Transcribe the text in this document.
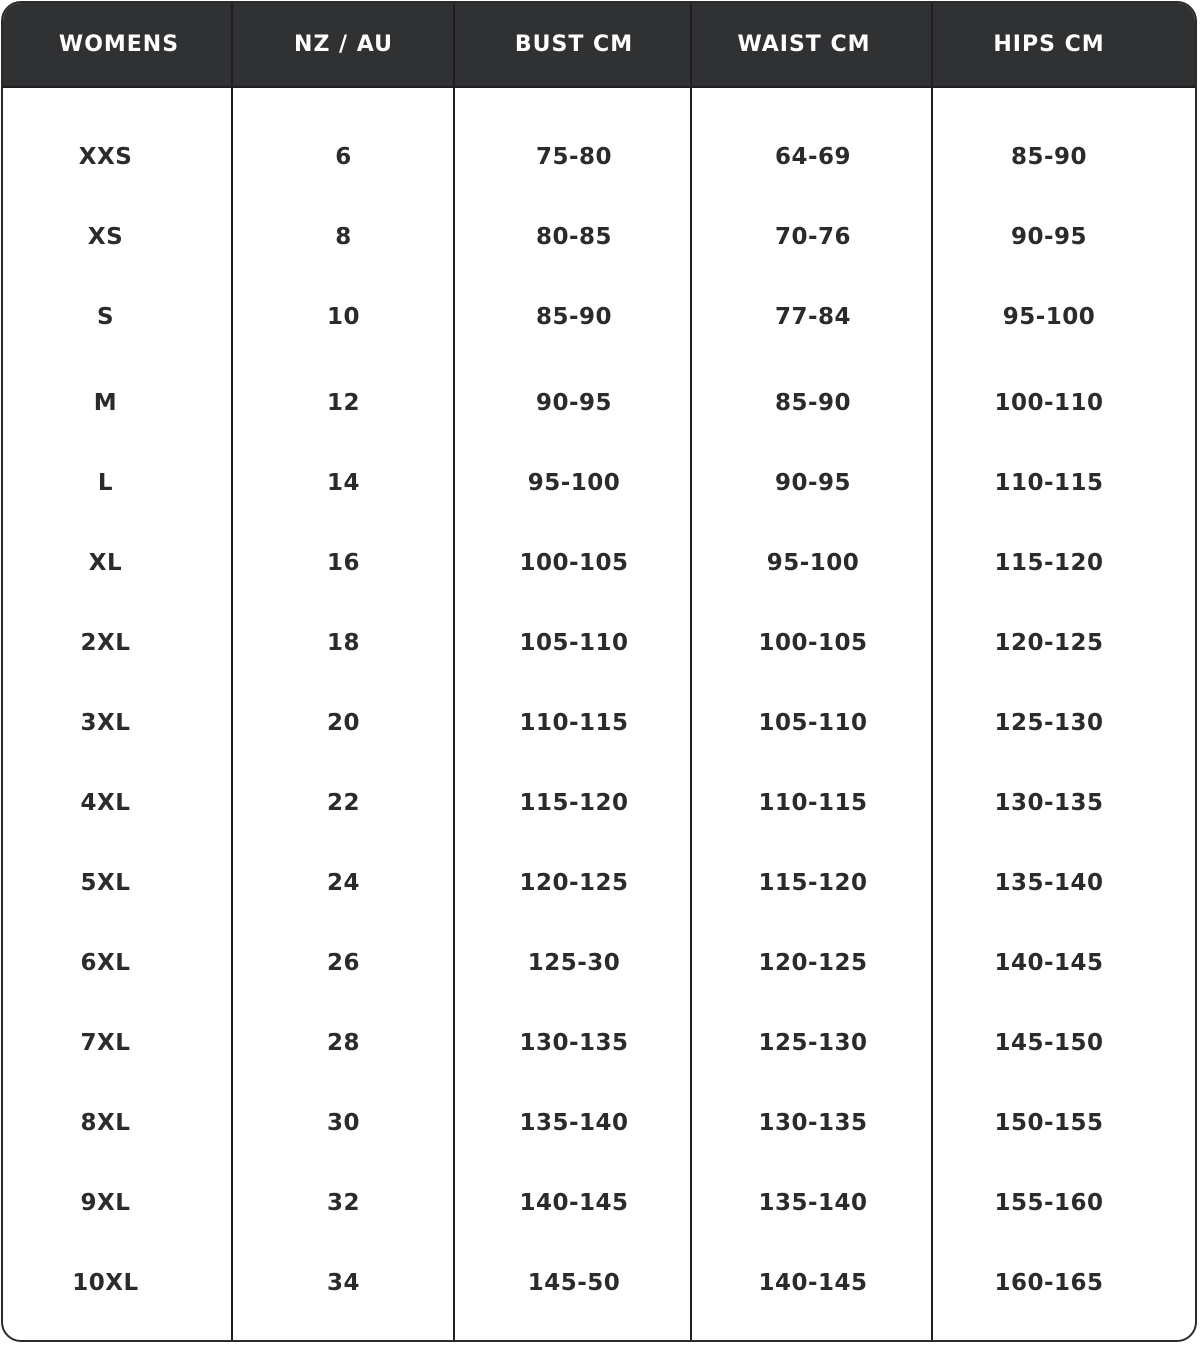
WOMENS	NZ / AU	BUST CM	WAIST CM	HIPS CM
XXS	6	75-80	64-69	85-90
XS	8	80-85	70-76	90-95
S	10	85-90	77-84	95-100
M	12	90-95	85-90	100-110
L	14	95-100	90-95	110-115
XL	16	100-105	95-100	115-120
2XL	18	105-110	100-105	120-125
3XL	20	110-115	105-110	125-130
4XL	22	115-120	110-115	130-135
5XL	24	120-125	115-120	135-140
6XL	26	125-30	120-125	140-145
7XL	28	130-135	125-130	145-150
8XL	30	135-140	130-135	150-155
9XL	32	140-145	135-140	155-160
10XL	34	145-50	140-145	160-165
